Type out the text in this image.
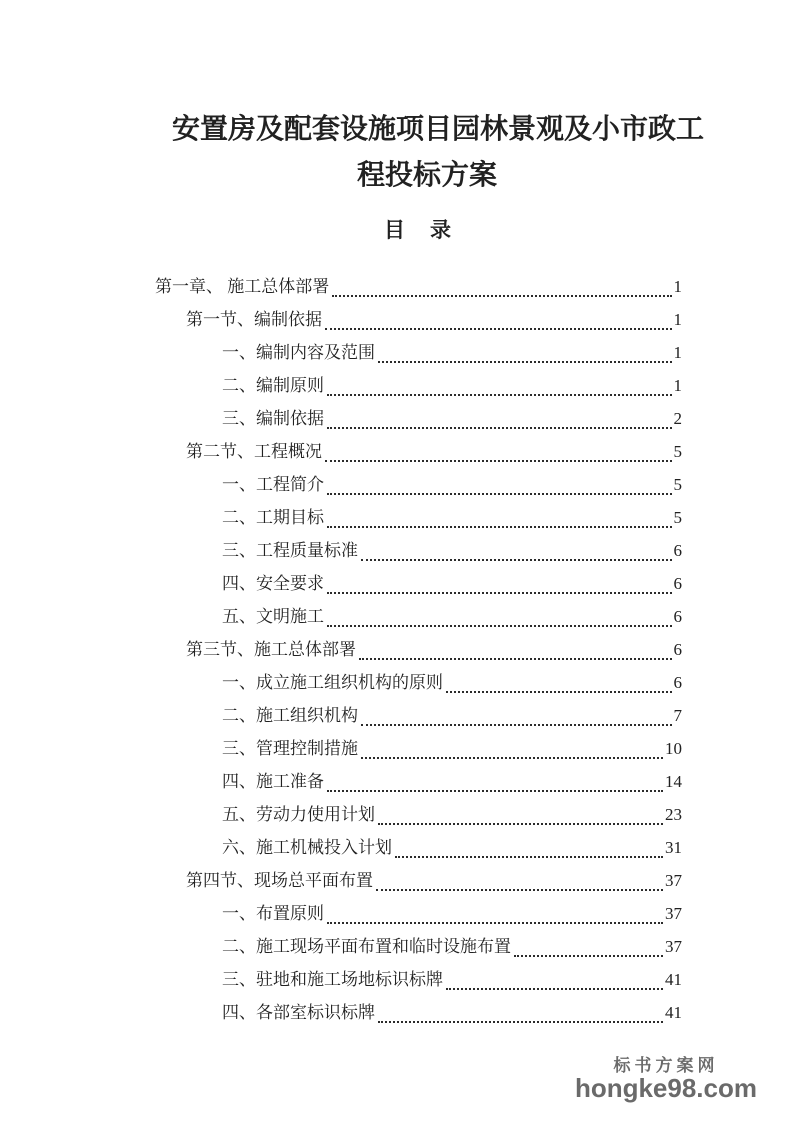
安置房及配套设施项目园林景观及小市政工
程投标方案
目　录
第一章、 施工总体部署	1
第一节、编制依据	1
一、编制内容及范围	1
二、编制原则	1
三、编制依据	2
第二节、工程概况	5
一、工程简介	5
二、工期目标	5
三、工程质量标准	6
四、安全要求	6
五、文明施工	6
第三节、施工总体部署	6
一、成立施工组织机构的原则	6
二、施工组织机构	7
三、管理控制措施	10
四、施工准备	14
五、劳动力使用计划	23
六、施工机械投入计划	31
第四节、现场总平面布置	37
一、布置原则	37
二、施工现场平面布置和临时设施布置	37
三、驻地和施工场地标识标牌	41
四、各部室标识标牌	41
标书方案网
hongke98.com
